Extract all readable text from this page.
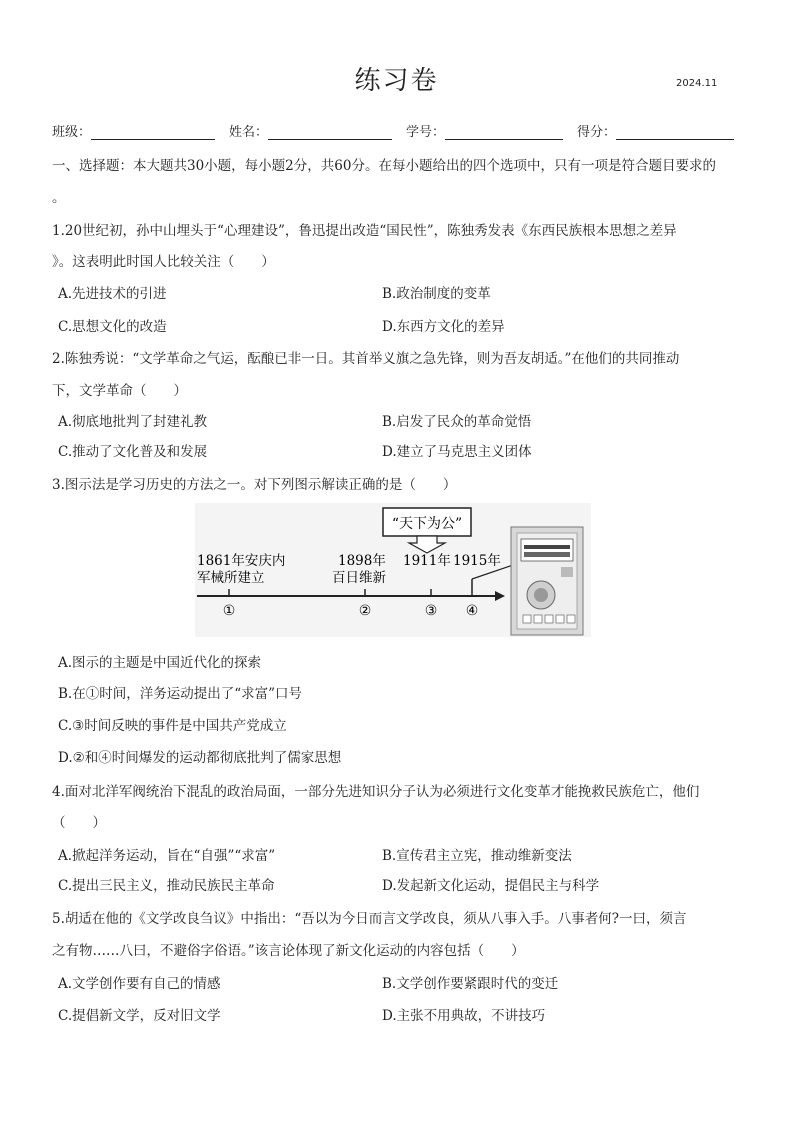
练习卷	2024.11
班级：	姓名：	学号：	得分：
一、选择题：本大题共30小题，每小题2分，共60分。在每小题给出的四个选项中，只有一项是符合题目要求的
。
1.20世纪初，孙中山埋头于“心理建设”，鲁迅提出改造“国民性”，陈独秀发表《东西民族根本思想之差异
》。这表明此时国人比较关注（　　）
A.先进技术的引进	B.政治制度的变革
C.思想文化的改造	D.东西方文化的差异
2.陈独秀说：“文学革命之气运，酝酿已非一日。其首举义旗之急先锋，则为吾友胡适。”在他们的共同推动
下，文学革命（　　）
A.彻底地批判了封建礼教	B.启发了民众的革命觉悟
C.推动了文化普及和发展	D.建立了马克思主义团体
3.图示法是学习历史的方法之一。对下列图示解读正确的是（　　）
“天下为公”
1861年安庆内
军械所建立
1898年
百日维新
1911年 1915年
①	②	③ ④
A.图示的主题是中国近代化的探索
B.在①时间，洋务运动提出了“求富”口号
C.③时间反映的事件是中国共产党成立
D.②和④时间爆发的运动都彻底批判了儒家思想
4.面对北洋军阀统治下混乱的政治局面，一部分先进知识分子认为必须进行文化变革才能挽救民族危亡，他们
（　　）
A.掀起洋务运动，旨在“自强”“求富”	B.宣传君主立宪，推动维新变法
C.提出三民主义，推动民族民主革命	D.发起新文化运动，提倡民主与科学
5.胡适在他的《文学改良刍议》中指出：“吾以为今日而言文学改良，须从八事入手。八事者何?一曰，须言
之有物……八曰，不避俗字俗语。”该言论体现了新文化运动的内容包括（　　）
A.文学创作要有自己的情感	B.文学创作要紧跟时代的变迁
C.提倡新文学，反对旧文学	D.主张不用典故，不讲技巧
